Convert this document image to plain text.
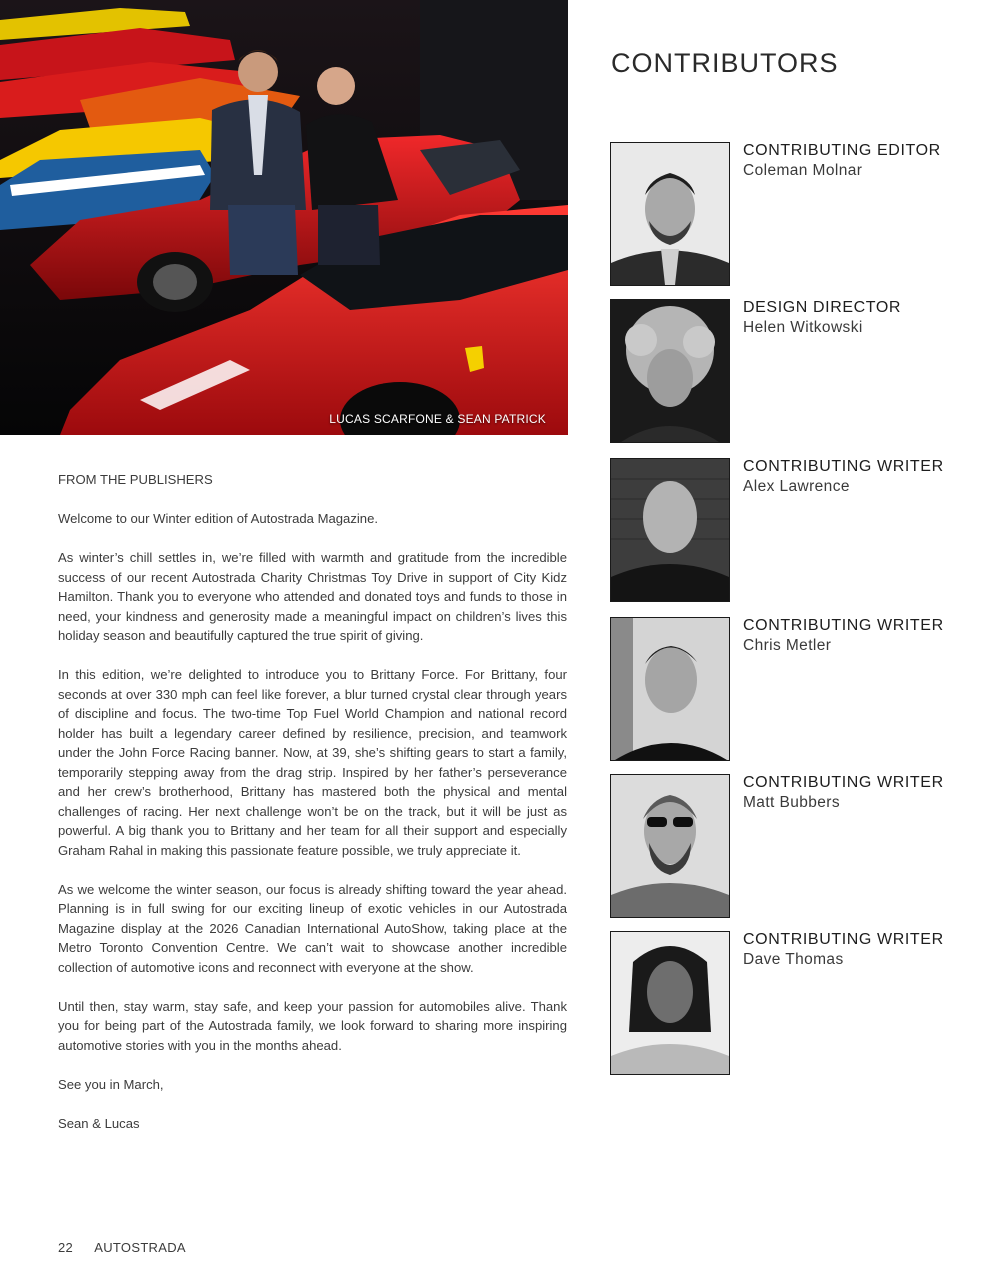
LUCAS SCARFONE & SEAN PATRICK

FROM THE PUBLISHERS

Welcome to our Winter edition of Autostrada Magazine.

As winter’s chill settles in, we’re filled with warmth and gratitude from the incredible success of our recent Autostrada Charity Christmas Toy Drive in support of City Kidz Hamilton. Thank you to everyone who attended and donated toys and funds to those in need, your kindness and generosity made a meaningful impact on children’s lives this holiday season and beautifully captured the true spirit of giving.

In this edition, we’re delighted to introduce you to Brittany Force. For Brittany, four seconds at over 330 mph can feel like forever, a blur turned crystal clear through years of discipline and focus. The two-time Top Fuel World Champion and national record holder has built a legendary career defined by resilience, precision, and teamwork under the John Force Racing banner. Now, at 39, she’s shifting gears to start a family, temporarily stepping away from the drag strip. Inspired by her father’s perseverance and her crew’s brotherhood, Brittany has mastered both the physical and mental challenges of racing. Her next challenge won’t be on the track, but it will be just as powerful. A big thank you to Brittany and her team for all their support and especially Graham Rahal in making this passionate feature possible, we truly appreciate it.

As we welcome the winter season, our focus is already shifting toward the year ahead. Planning is in full swing for our exciting lineup of exotic vehicles in our Autostrada Magazine display at the 2026 Canadian International AutoShow, taking place at the Metro Toronto Convention Centre. We can’t wait to showcase another incredible collection of automotive icons and reconnect with everyone at the show.

Until then, stay warm, stay safe, and keep your passion for automobiles alive. Thank you for being part of the Autostrada family, we look forward to sharing more inspiring automotive stories with you in the months ahead.

See you in March,

Sean & Lucas

22 AUTOSTRADA
CONTRIBUTORS
CONTRIBUTING EDITOR
Coleman Molnar
DESIGN DIRECTOR
Helen Witkowski
CONTRIBUTING WRITER
Alex Lawrence
CONTRIBUTING WRITER
Chris Metler
CONTRIBUTING WRITER
Matt Bubbers
CONTRIBUTING WRITER
Dave Thomas
